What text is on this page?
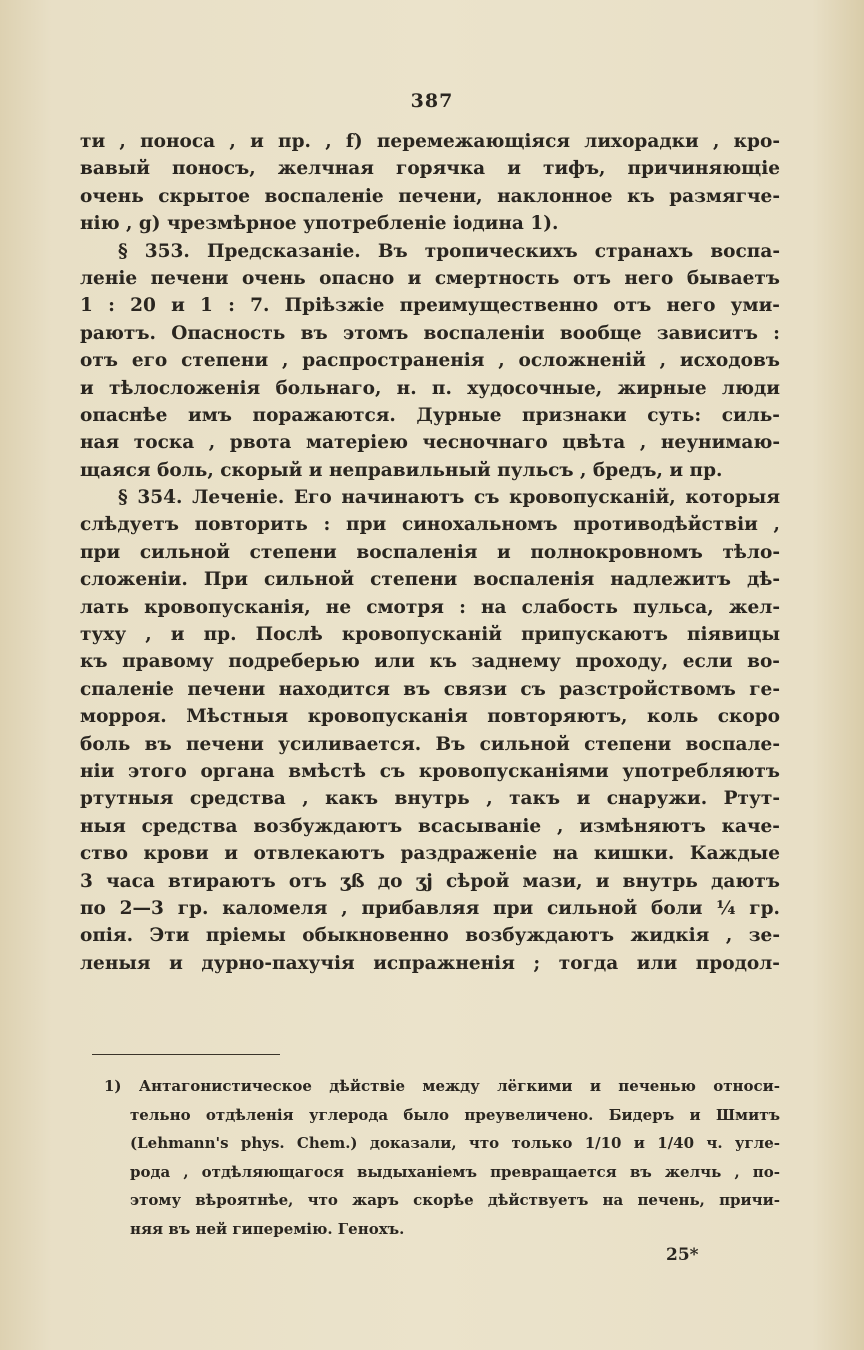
387
ти , поноса , и пр. , f) перемежающіяся лихорадки , кро-
вавый поносъ, желчная горячка и тифъ, причиняющіе
очень скрытое воспаленіе печени, наклонное къ размягче-
нію , g) чрезмѣрное употребленіе іодина 1).
§ 353. Предсказаніе. Въ тропическихъ странахъ воспа-
леніе печени очень опасно и смертность отъ него бываетъ
1 : 20 и 1 : 7. Пріѣзжіе преимущественно отъ него уми-
раютъ. Опасность въ этомъ воспаленіи вообще зависитъ :
отъ его степени , распространенія , осложненій , исходовъ
и тѣлосложенія больнаго, н. п. худосочные, жирные люди
опаснѣе имъ поражаются. Дурные признаки суть: силь-
ная тоска , рвота матеріею чесночнаго цвѣта , неунимаю-
щаяся боль, скорый и неправильный пульсъ , бредъ, и пр.
§ 354. Леченіе. Его начинаютъ съ кровопусканій, которыя
слѣдуетъ повторить : при синохальномъ противодѣйствіи ,
при сильной степени воспаленія и полнокровномъ тѣло-
сложеніи. При сильной степени воспаленія надлежитъ дѣ-
лать кровопусканія, не смотря : на слабость пульса, жел-
туху , и пр. Послѣ кровопусканій припускаютъ піявицы
къ правому подреберью или къ заднему проходу, если во-
спаленіе печени находится въ связи съ разстройствомъ ге-
морроя. Мѣстныя кровопусканія повторяютъ, коль скоро
боль въ печени усиливается. Въ сильной степени воспале-
ніи этого органа вмѣстѣ съ кровопусканіями употребляютъ
ртутныя средства , какъ внутрь , такъ и снаружи. Ртут-
ныя средства возбуждаютъ всасываніе , измѣняютъ каче-
ство крови и отвлекаютъ раздраженіе на кишки. Каждые
3 часа втираютъ отъ ʒß до ʒj сѣрой мази, и внутрь даютъ
по 2—3 гр. каломеля , прибавляя при сильной боли ¼ гр.
опія. Эти пріемы обыкновенно возбуждаютъ жидкія , зе-
леныя и дурно-пахучія испражненія ; тогда или продол-
1) Антагонистическое дѣйствіе между лёгкими и печенью относи-
тельно отдѣленія углерода было преувеличено. Бидеръ и Шмитъ
(Lehmann's phys. Chem.) доказали, что только 1/10 и 1/40 ч. угле-
рода , отдѣляющагося выдыханіемъ превращается въ желчь , по-
этому вѣроятнѣе, что жаръ скорѣе дѣйствуетъ на печень, причи-
няя въ ней гиперемію. Генохъ.
25*
